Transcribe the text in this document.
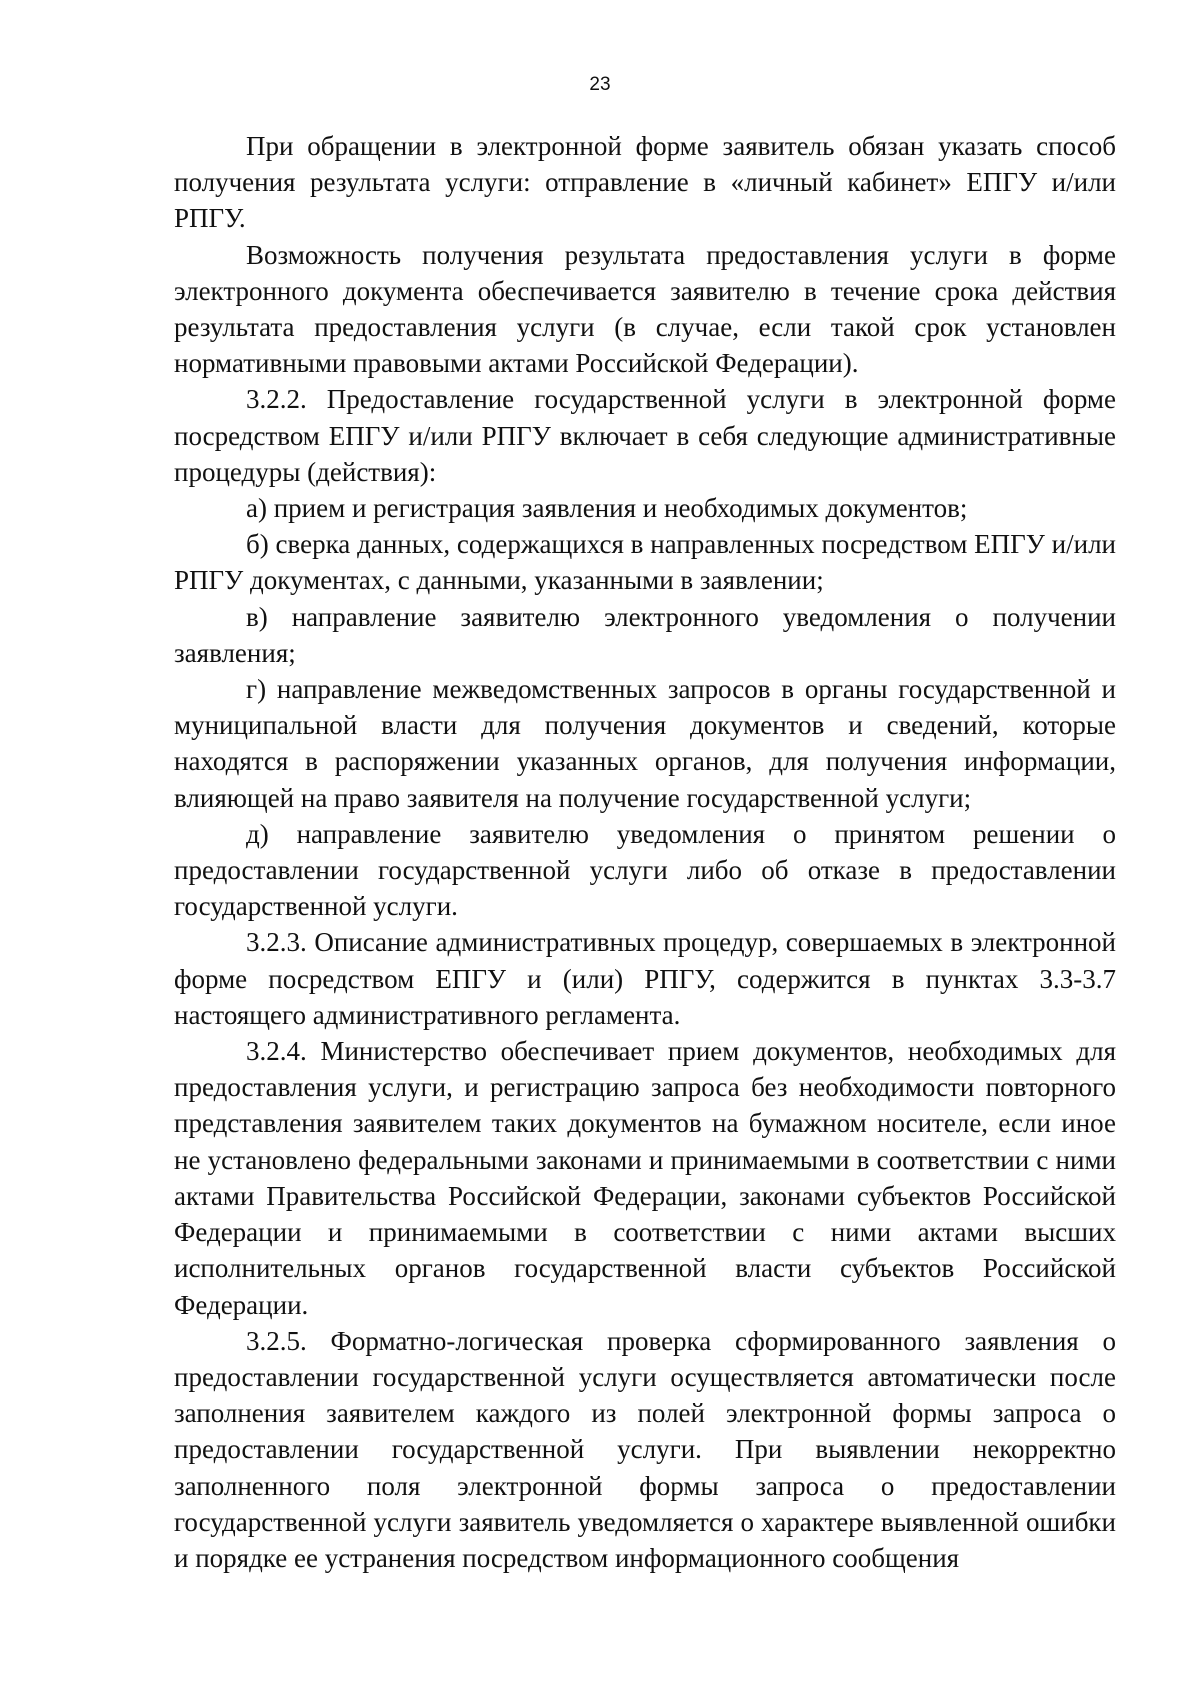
23

При обращении в электронной форме заявитель обязан указать способ получения результата услуги: отправление в «личный кабинет» ЕПГУ и/или РПГУ.

Возможность получения результата предоставления услуги в форме электронного документа обеспечивается заявителю в течение срока действия результата предоставления услуги (в случае, если такой срок установлен нормативными правовыми актами Российской Федерации).

3.2.2. Предоставление государственной услуги в электронной форме посредством ЕПГУ и/или РПГУ включает в себя следующие административные процедуры (действия):

а) прием и регистрация заявления и необходимых документов;

б) сверка данных, содержащихся в направленных посредством ЕПГУ и/или РПГУ документах, с данными, указанными в заявлении;

в) направление заявителю электронного уведомления о получении заявления;

г) направление межведомственных запросов в органы государственной и муниципальной власти для получения документов и сведений, которые находятся в распоряжении указанных органов, для получения информации, влияющей на право заявителя на получение государственной услуги;

д) направление заявителю уведомления о принятом решении о предоставлении государственной услуги либо об отказе в предоставлении государственной услуги.

3.2.3. Описание административных процедур, совершаемых в электронной форме посредством ЕПГУ и (или) РПГУ, содержится в пунктах 3.3-3.7 настоящего административного регламента.

3.2.4. Министерство обеспечивает прием документов, необходимых для предоставления услуги, и регистрацию запроса без необходимости повторного представления заявителем таких документов на бумажном носителе, если иное не установлено федеральными законами и принимаемыми в соответствии с ними актами Правительства Российской Федерации, законами субъектов Российской Федерации и принимаемыми в соответствии с ними актами высших исполнительных органов государственной власти субъектов Российской Федерации.

3.2.5. Форматно-логическая проверка сформированного заявления о предоставлении государственной услуги осуществляется автоматически после заполнения заявителем каждого из полей электронной формы запроса о предоставлении государственной услуги. При выявлении некорректно заполненного поля электронной формы запроса о предоставлении государственной услуги заявитель уведомляется о характере выявленной ошибки и порядке ее устранения посредством информационного сообщения
